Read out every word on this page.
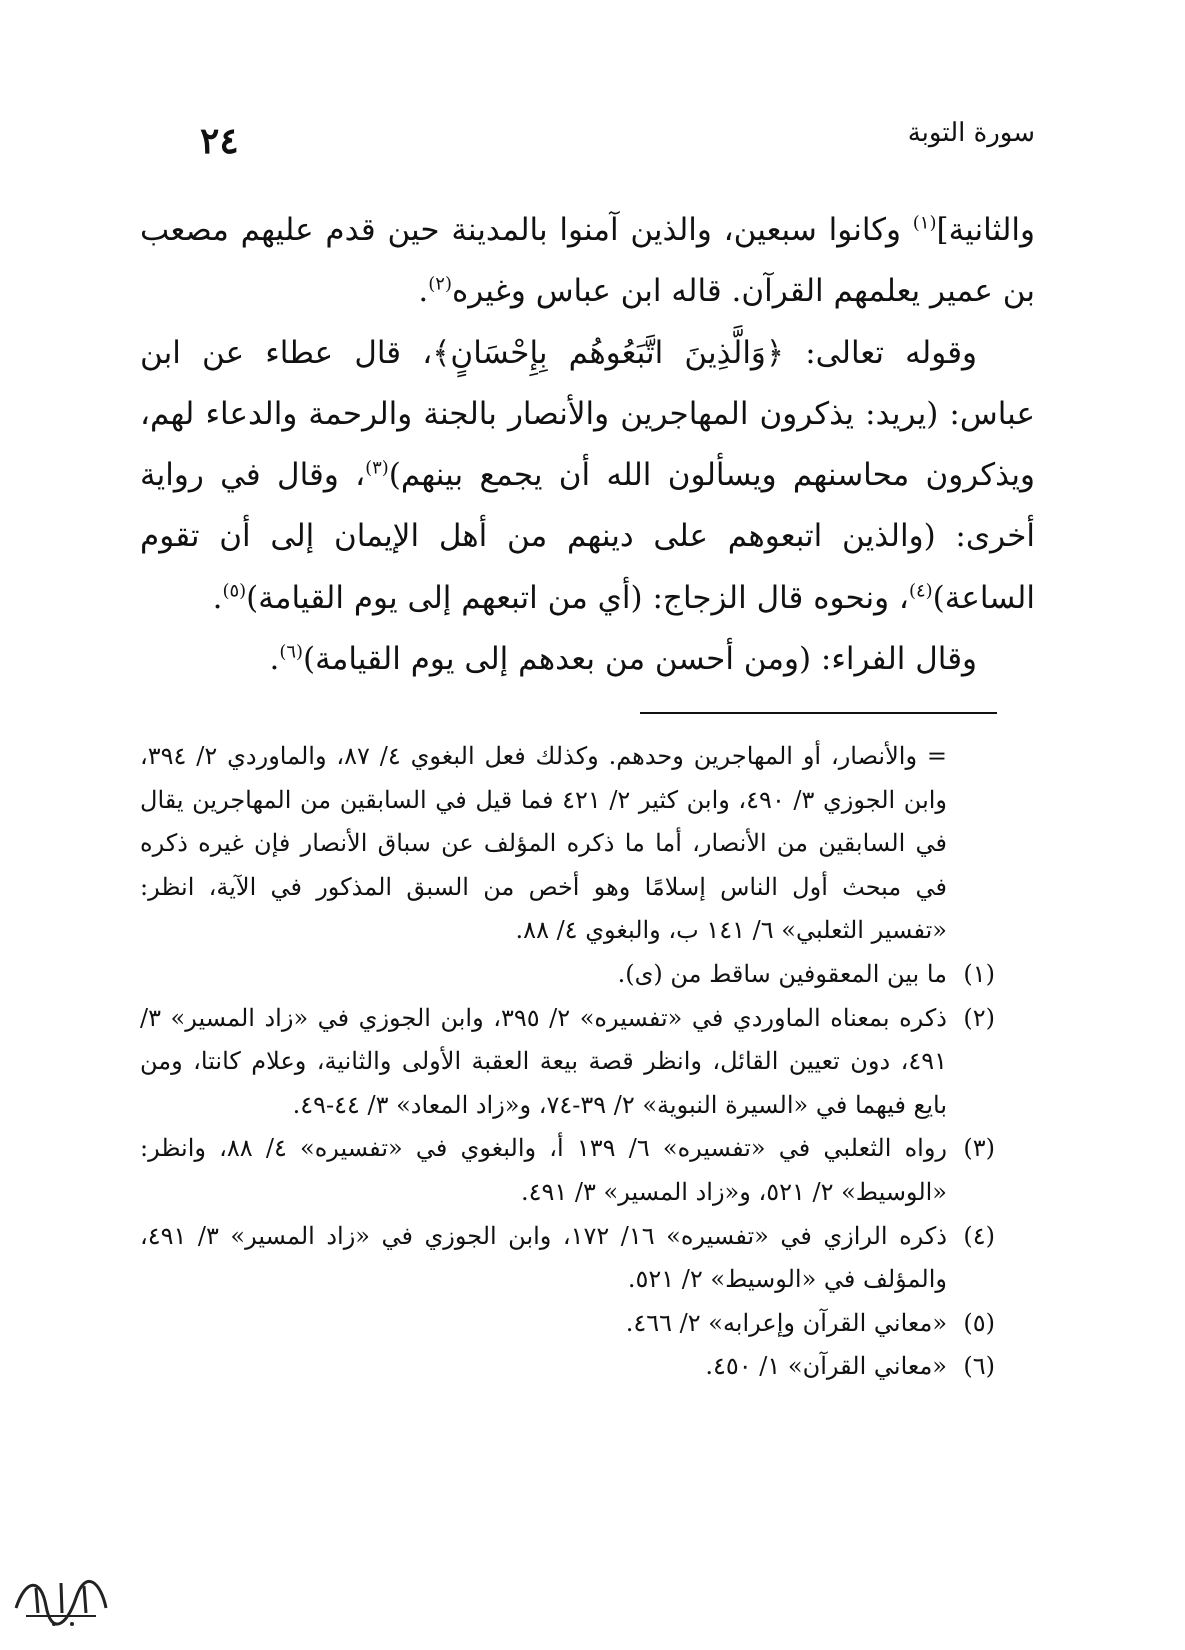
٢٤	سورة التوبة

والثانية]$^{(١)}$ وكانوا سبعين، والذين آمنوا بالمدينة حين قدم عليهم مصعب بن عمير يعلمهم القرآن. قاله ابن عباس وغيره$^{(٢)}$.

وقوله تعالى: ﴿وَالَّذِينَ اتَّبَعُوهُم بِإِحْسَانٍ﴾، قال عطاء عن ابن عباس: (يريد: يذكرون المهاجرين والأنصار بالجنة والرحمة والدعاء لهم، ويذكرون محاسنهم ويسألون الله أن يجمع بينهم)$^{(٣)}$، وقال في رواية أخرى: (والذين اتبعوهم على دينهم من أهل الإيمان إلى أن تقوم الساعة)$^{(٤)}$، ونحوه قال الزجاج: (أي من اتبعهم إلى يوم القيامة)$^{(٥)}$.

وقال الفراء: (ومن أحسن من بعدهم إلى يوم القيامة)$^{(٦)}$.

= والأنصار، أو المهاجرين وحدهم. وكذلك فعل البغوي ٤/ ٨٧، والماوردي ٢/ ٣٩٤، وابن الجوزي ٣/ ٤٩٠، وابن كثير ٢/ ٤٢١ فما قيل في السابقين من المهاجرين يقال في السابقين من الأنصار، أما ما ذكره المؤلف عن سباق الأنصار فإن غيره ذكره في مبحث أول الناس إسلامًا وهو أخص من السبق المذكور في الآية، انظر: «تفسير الثعلبي» ٦/ ١٤١ ب، والبغوي ٤/ ٨٨.
(١)
ما بين المعقوفين ساقط من (ى).
(٢)
ذكره بمعناه الماوردي في «تفسيره» ٢/ ٣٩٥، وابن الجوزي في «زاد المسير» ٣/ ٤٩١، دون تعيين القائل، وانظر قصة بيعة العقبة الأولى والثانية، وعلام كانتا، ومن بايع فيهما في «السيرة النبوية» ٢/ ٣٩-٧٤، و«زاد المعاد» ٣/ ٤٤-٤٩.
(٣)
رواه الثعلبي في «تفسيره» ٦/ ١٣٩ أ، والبغوي في «تفسيره» ٤/ ٨٨، وانظر: «الوسيط» ٢/ ٥٢١، و«زاد المسير» ٣/ ٤٩١.
(٤)
ذكره الرازي في «تفسيره» ١٦/ ١٧٢، وابن الجوزي في «زاد المسير» ٣/ ٤٩١، والمؤلف في «الوسيط» ٢/ ٥٢١.
(٥)
«معاني القرآن وإعرابه» ٢/ ٤٦٦.
(٦)
«معاني القرآن» ١/ ٤٥٠.
